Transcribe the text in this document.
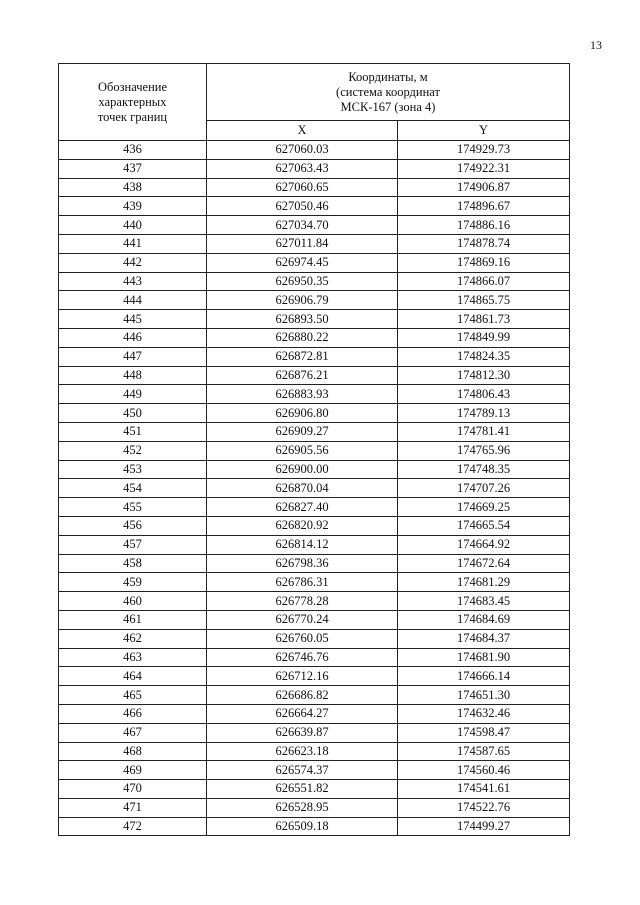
13
Обозначение
характерных
точек границ	Координаты, м
(система координат
МСК-167 (зона 4)	
	X	Y
436	627060.03	174929.73
437	627063.43	174922.31
438	627060.65	174906.87
439	627050.46	174896.67
440	627034.70	174886.16
441	627011.84	174878.74
442	626974.45	174869.16
443	626950.35	174866.07
444	626906.79	174865.75
445	626893.50	174861.73
446	626880.22	174849.99
447	626872.81	174824.35
448	626876.21	174812.30
449	626883.93	174806.43
450	626906.80	174789.13
451	626909.27	174781.41
452	626905.56	174765.96
453	626900.00	174748.35
454	626870.04	174707.26
455	626827.40	174669.25
456	626820.92	174665.54
457	626814.12	174664.92
458	626798.36	174672.64
459	626786.31	174681.29
460	626778.28	174683.45
461	626770.24	174684.69
462	626760.05	174684.37
463	626746.76	174681.90
464	626712.16	174666.14
465	626686.82	174651.30
466	626664.27	174632.46
467	626639.87	174598.47
468	626623.18	174587.65
469	626574.37	174560.46
470	626551.82	174541.61
471	626528.95	174522.76
472	626509.18	174499.27
